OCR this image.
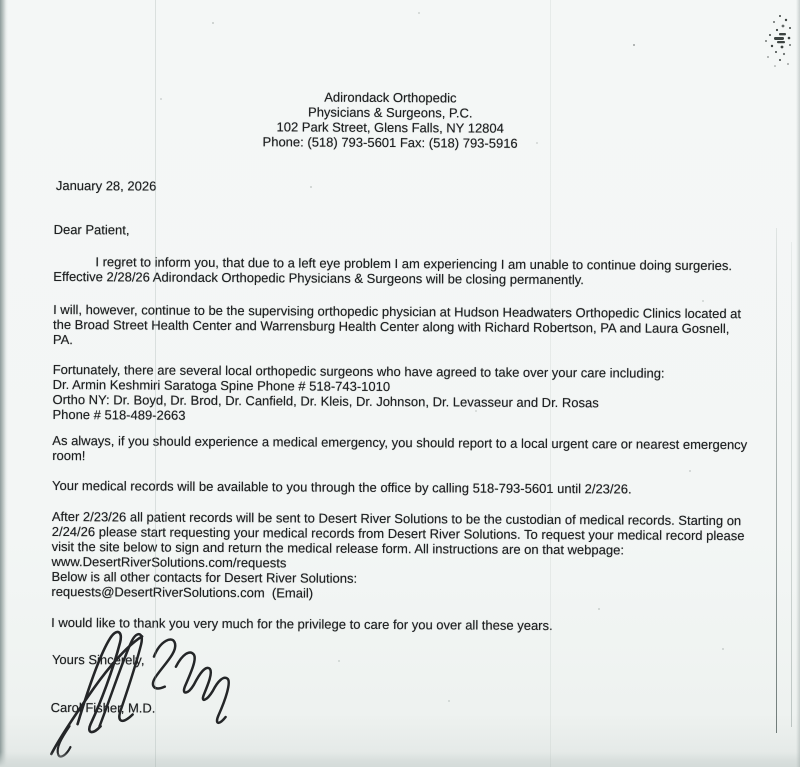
Adirondack Orthopedic
Physicians & Surgeons, P.C.
102 Park Street, Glens Falls, NY 12804
Phone: (518) 793-5601 Fax: (518) 793-5916
January 28, 2026
Dear Patient,
I regret to inform you, that due to a left eye problem I am experiencing I am unable to continue doing surgeries.
Effective 2/28/26 Adirondack Orthopedic Physicians & Surgeons will be closing permanently.
I will, however, continue to be the supervising orthopedic physician at Hudson Headwaters Orthopedic Clinics located at
the Broad Street Health Center and Warrensburg Health Center along with Richard Robertson, PA and Laura Gosnell,
PA.
Fortunately, there are several local orthopedic surgeons who have agreed to take over your care including:
Dr. Armin Keshmiri Saratoga Spine Phone # 518-743-1010
Ortho NY: Dr. Boyd, Dr. Brod, Dr. Canfield, Dr. Kleis, Dr. Johnson, Dr. Levasseur and Dr. Rosas
Phone # 518-489-2663
As always, if you should experience a medical emergency, you should report to a local urgent care or nearest emergency
room!
Your medical records will be available to you through the office by calling 518-793-5601 until 2/23/26.
After 2/23/26 all patient records will be sent to Desert River Solutions to be the custodian of medical records. Starting on
2/24/26 please start requesting your medical records from Desert River Solutions. To request your medical record please
visit the site below to sign and return the medical release form. All instructions are on that webpage:
www.DesertRiverSolutions.com/requests
Below is all other contacts for Desert River Solutions:
requests@DesertRiverSolutions.com  (Email)
I would like to thank you very much for the privilege to care for you over all these years.
Yours Sincerely,
Carol Fisher, M.D.
